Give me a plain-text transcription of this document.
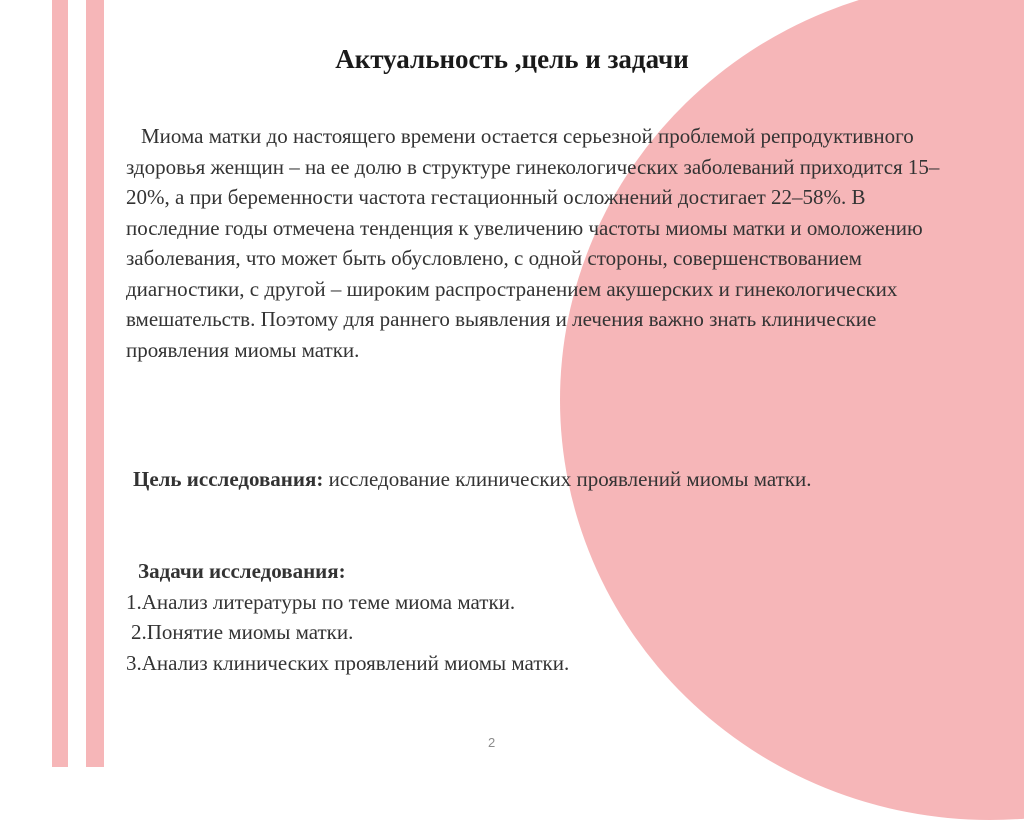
Актуальность ,цель и задачи

Миома матки до настоящего времени остается серьезной проблемой репродуктивного здоровья женщин – на ее долю в структуре гинекологических заболеваний приходится 15–20%, а при беременности частота гестационный осложнений достигает 22–58%. В последние годы отмечена тенденция к увеличению частоты миомы матки и омоложению заболевания, что может быть обусловлено, с одной стороны, совершенствованием диагностики, с другой – широким распространением акушерских и гинекологических вмешательств. Поэтому для раннего выявления и лечения важно знать клинические проявления миомы матки.

Цель исследования: исследование клинических проявлений миомы матки.

Задачи исследования:
1.Анализ литературы по теме миома матки.
2.Понятие миомы матки.
3.Анализ клинических проявлений миомы матки.
2
